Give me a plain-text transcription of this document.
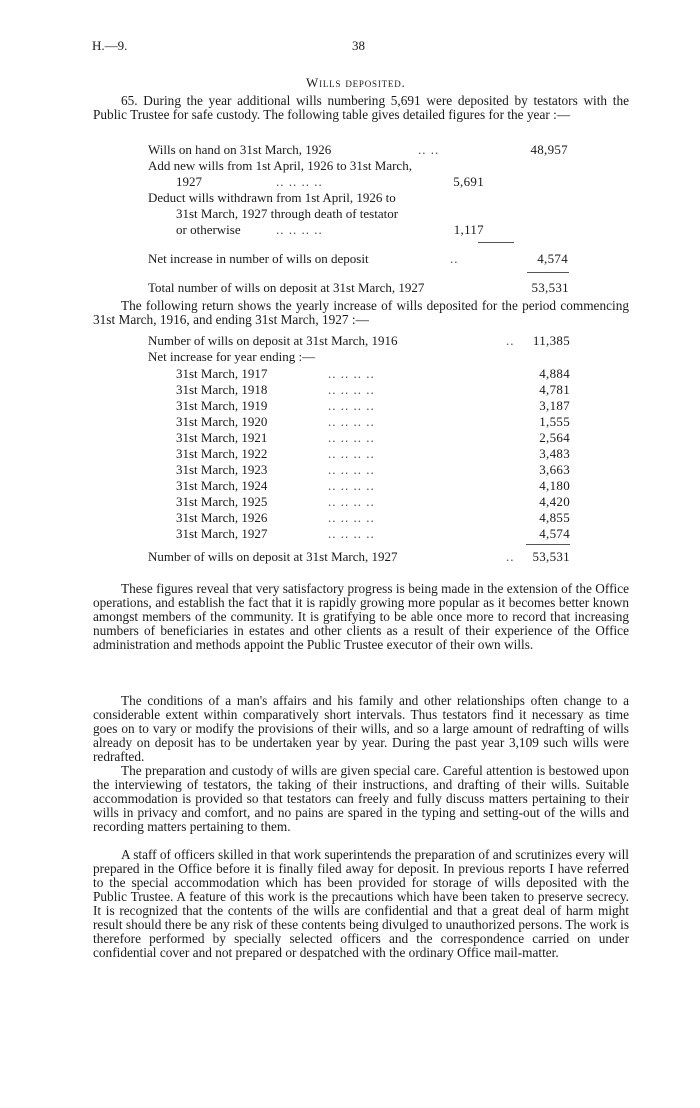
H.—9.	38
Wills deposited.
65. During the year additional wills numbering 5,691 were deposited by testators with the Public Trustee for safe custody. The following table gives detailed figures for the year :—
Wills on hand on 31st March, 1926	.. ..	48,957
Add new wills from 1st April, 1926 to 31st March,
1927	.. .. .. ..	5,691
Deduct wills withdrawn from 1st April, 1926 to
31st March, 1927 through death of testator
or otherwise	.. .. .. ..	1,117
Net increase in number of wills on deposit	..	4,574
Total number of wills on deposit at 31st March, 1927	53,531
The following return shows the yearly increase of wills deposited for the period commencing 31st March, 1916, and ending 31st March, 1927 :—
Number of wills on deposit at 31st March, 1916	.. 11,385
Net increase for year ending :—
31st March, 1917	.. .. .. ..	4,884
31st March, 1918	.. .. .. ..	4,781
31st March, 1919	.. .. .. ..	3,187
31st March, 1920	.. .. .. ..	1,555
31st March, 1921	.. .. .. ..	2,564
31st March, 1922	.. .. .. ..	3,483
31st March, 1923	.. .. .. ..	3,663
31st March, 1924	.. .. .. ..	4,180
31st March, 1925	.. .. .. ..	4,420
31st March, 1926	.. .. .. ..	4,855
31st March, 1927	.. .. .. ..	4,574
Number of wills on deposit at 31st March, 1927	.. 53,531
These figures reveal that very satisfactory progress is being made in the extension of the Office operations, and establish the fact that it is rapidly growing more popular as it becomes better known amongst members of the community. It is gratifying to be able once more to record that increasing numbers of beneficiaries in estates and other clients as a result of their experience of the Office administration and methods appoint the Public Trustee executor of their own wills.
The conditions of a man's affairs and his family and other relationships often change to a considerable extent within comparatively short intervals. Thus testators find it necessary as time goes on to vary or modify the provisions of their wills, and so a large amount of redrafting of wills already on deposit has to be undertaken year by year. During the past year 3,109 such wills were redrafted.
The preparation and custody of wills are given special care. Careful attention is bestowed upon the interviewing of testators, the taking of their instructions, and drafting of their wills. Suitable accommodation is provided so that testators can freely and fully discuss matters pertaining to their wills in privacy and comfort, and no pains are spared in the typing and setting-out of the wills and recording matters pertaining to them.
A staff of officers skilled in that work superintends the preparation of and scrutinizes every will prepared in the Office before it is finally filed away for deposit. In previous reports I have referred to the special accommodation which has been provided for storage of wills deposited with the Public Trustee. A feature of this work is the precautions which have been taken to preserve secrecy. It is recognized that the contents of the wills are confidential and that a great deal of harm might result should there be any risk of these contents being divulged to unauthorized persons. The work is therefore performed by specially selected officers and the correspondence carried on under confidential cover and not prepared or despatched with the ordinary Office mail-matter.
